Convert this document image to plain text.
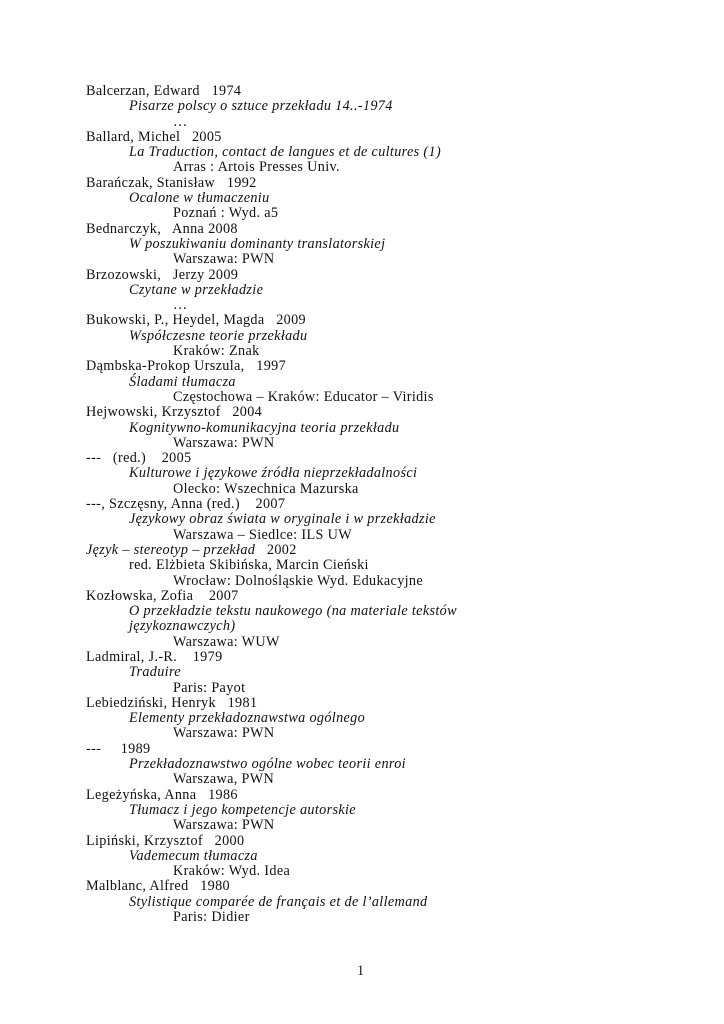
Balcerzan, Edward   1974
Pisarze polscy o sztuce przekładu 14..-1974
…
Ballard, Michel   2005
La Traduction, contact de langues et de cultures (1)
Arras : Artois Presses Univ.
Barańczak, Stanisław   1992
Ocalone w tłumaczeniu
Poznań : Wyd. a5
Bednarczyk,   Anna 2008
W poszukiwaniu dominanty translatorskiej
Warszawa: PWN
Brzozowski,   Jerzy 2009
Czytane w przekładzie
…
Bukowski, P., Heydel, Magda   2009
Współczesne teorie przekładu
Kraków: Znak
Dąmbska-Prokop Urszula,   1997
Śladami tłumacza
Częstochowa – Kraków: Educator – Viridis
Hejwowski, Krzysztof   2004
Kognitywno-komunikacyjna teoria przekładu
Warszawa: PWN
---   (red.)    2005
Kulturowe i językowe źródła nieprzekładalności
Olecko: Wszechnica Mazurska
---, Szczęsny, Anna (red.)    2007
Językowy obraz świata w oryginale i w przekładzie
Warszawa – Siedlce: ILS UW
Język – stereotyp – przekład   2002
red. Elżbieta Skibińska, Marcin Cieński
Wrocław: Dolnośląskie Wyd. Edukacyjne
Kozłowska, Zofia    2007
O przekładzie tekstu naukowego (na materiale tekstów językoznawczych)
Warszawa: WUW
Ladmiral, J.-R.    1979
Traduire
Paris: Payot
Lebiedziński, Henryk   1981
Elementy przekładoznawstwa ogólnego
Warszawa: PWN
---     1989
Przekładoznawstwo ogólne wobec teorii enroi
Warszawa, PWN
Legeżyńska, Anna   1986
Tłumacz i jego kompetencje autorskie
Warszawa: PWN
Lipiński, Krzysztof   2000
Vademecum tłumacza
Kraków: Wyd. Idea
Malblanc, Alfred   1980
Stylistique comparée de français et de l’allemand
Paris: Didier
1
